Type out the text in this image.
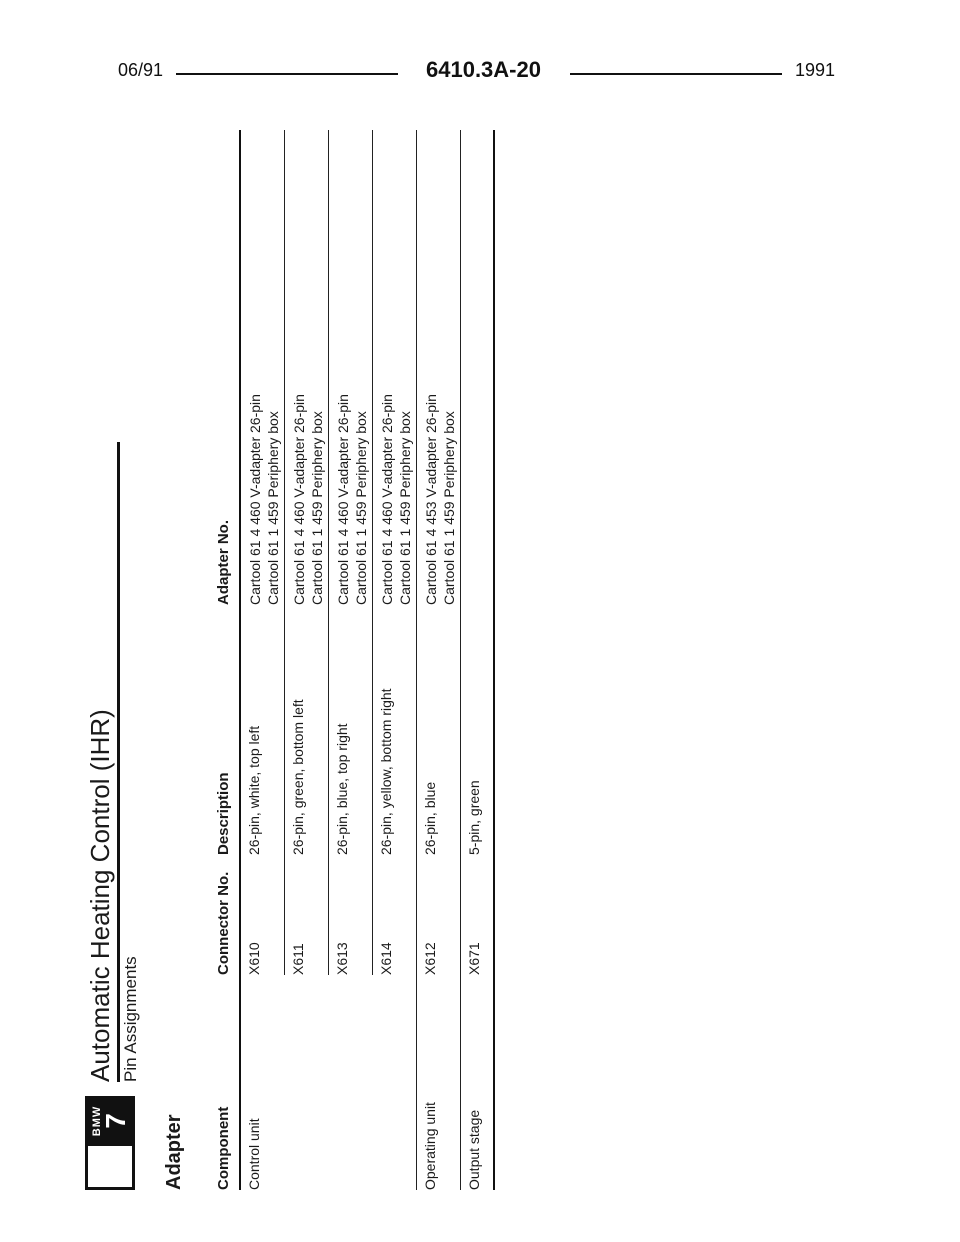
06/91	6410.3A-20	1991
BMW
7
Automatic Heating Control (IHR) Pin Assignments
Adapter Component
Connector No.
Description
Adapter No.
Control unit
X610
26-pin, white, top left
Cartool 61 4 460 V-adapter 26-pin Cartool 61 1 459 Periphery box
X611
26-pin, green, bottom left
Cartool 61 4 460 V-adapter 26-pin Cartool 61 1 459 Periphery box
X613
26-pin, blue, top right
Cartool 61 4 460 V-adapter 26-pin Cartool 61 1 459 Periphery box
X614
26-pin, yellow, bottom right
Cartool 61 4 460 V-adapter 26-pin Cartool 61 1 459 Periphery box
Operating unit
X612
26-pin, blue
Cartool 61 4 453 V-adapter 26-pin Cartool 61 1 459 Periphery box
Output stage
X671
5-pin, green
